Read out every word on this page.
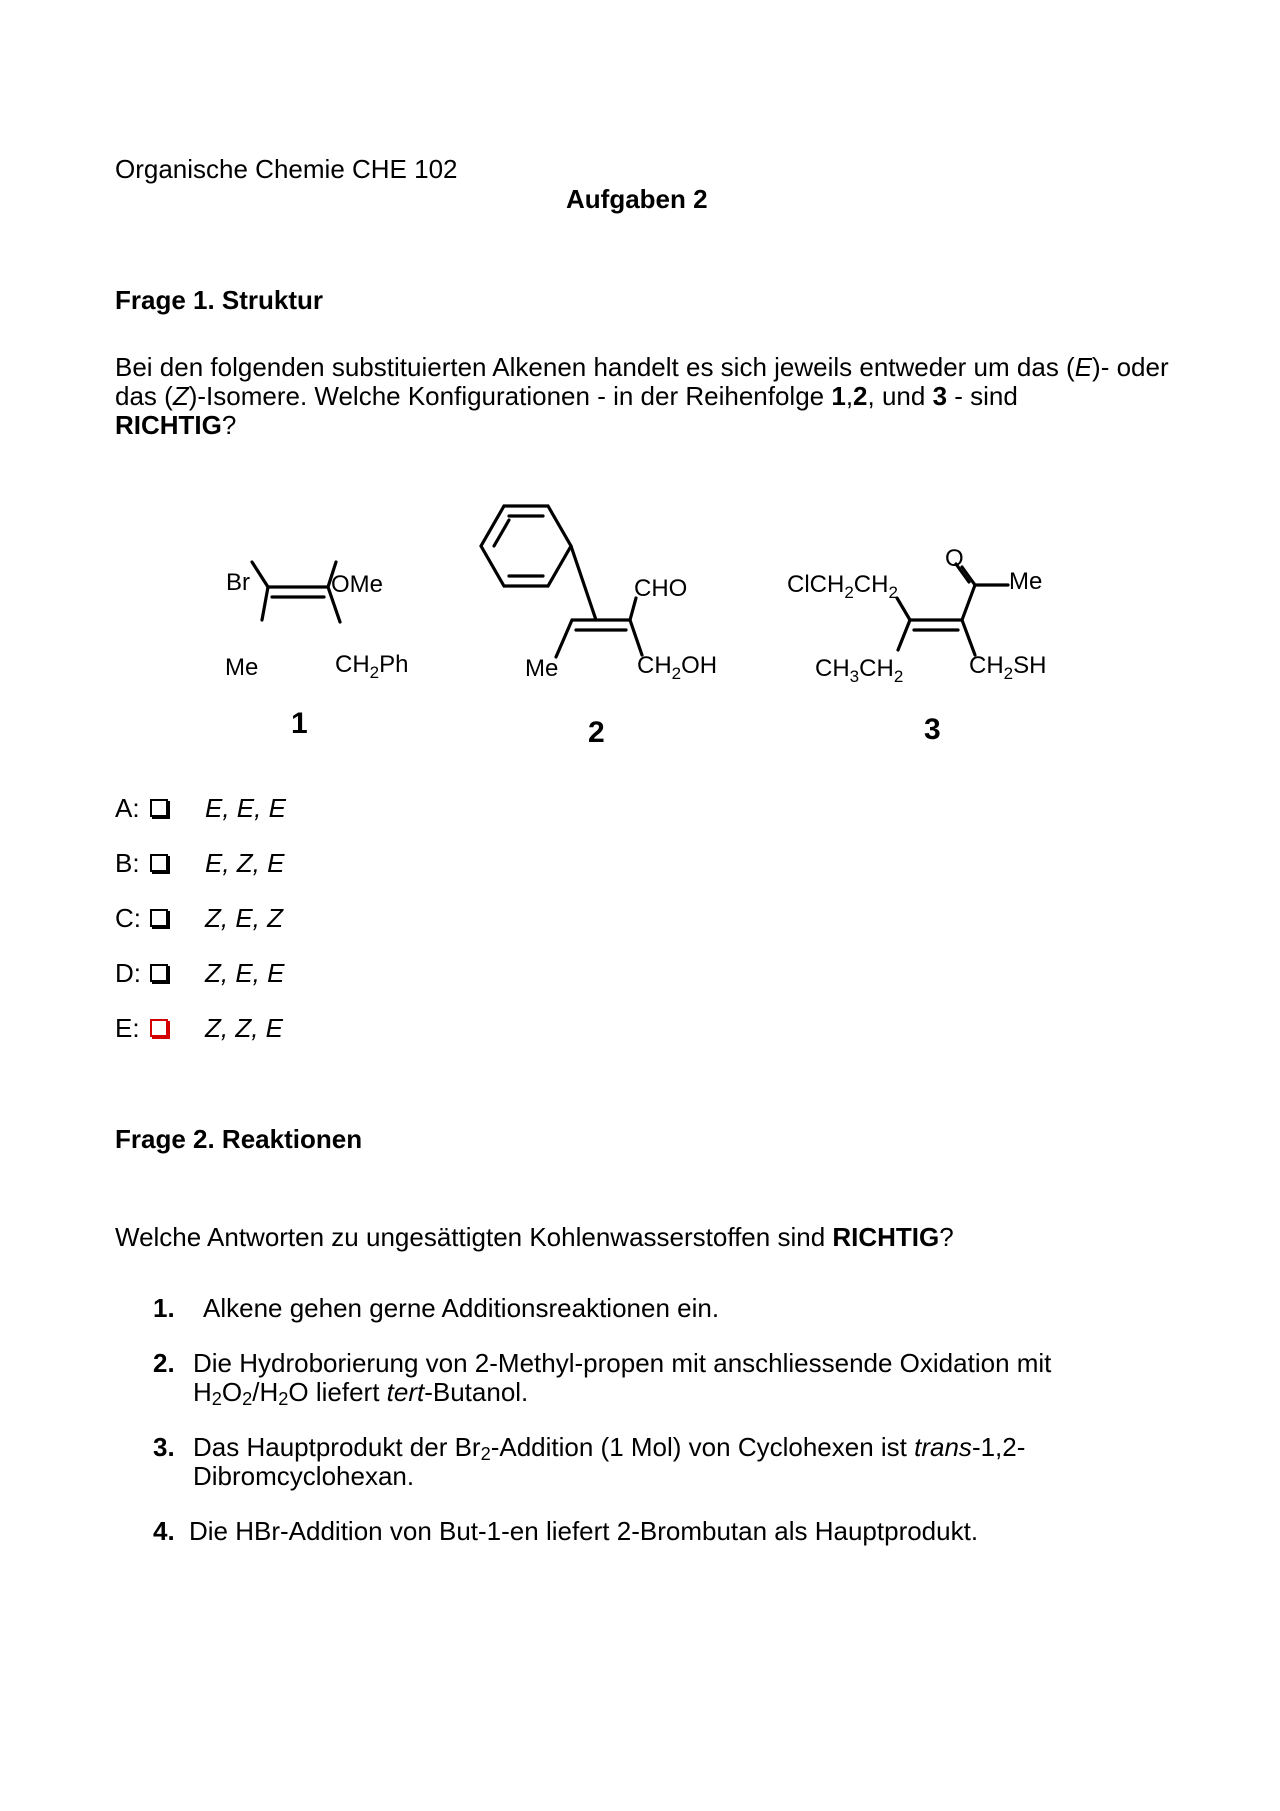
Organische Chemie CHE 102
Aufgaben 2
Frage 1. Struktur
Bei den folgenden substituierten Alkenen handelt es sich jeweils entweder um das (E)- oder das (Z)-Isomere. Welche Konfigurationen - in der Reihenfolge 1,2, und 3 - sind
RICHTIG?
Br	OMe
Me	$CH_2Ph$
1
CHO
Me	$CH_2OH$
2
$ClCH_2CH_2$
O
Me
$CH_3CH_2$	$CH_2SH$
3
A:	E, E, E
B:	E, Z, E
C:	Z, E, Z
D:	Z, E, E
E:	Z, Z, E
Frage 2. Reaktionen
Welche Antworten zu ungesättigten Kohlenwasserstoffen sind RICHTIG?
1.	Alkene gehen gerne Additionsreaktionen ein.
2. Die Hydroborierung von 2-Methyl-propen mit anschliessende Oxidation mit $H_2O_2/H_2O$ liefert tert-Butanol.
3. Das Hauptprodukt der $Br_2$-Addition (1 Mol) von Cyclohexen ist trans-1,2-Dibromcyclohexan.
4. Die HBr-Addition von But-1-en liefert 2-Brombutan als Hauptprodukt.
